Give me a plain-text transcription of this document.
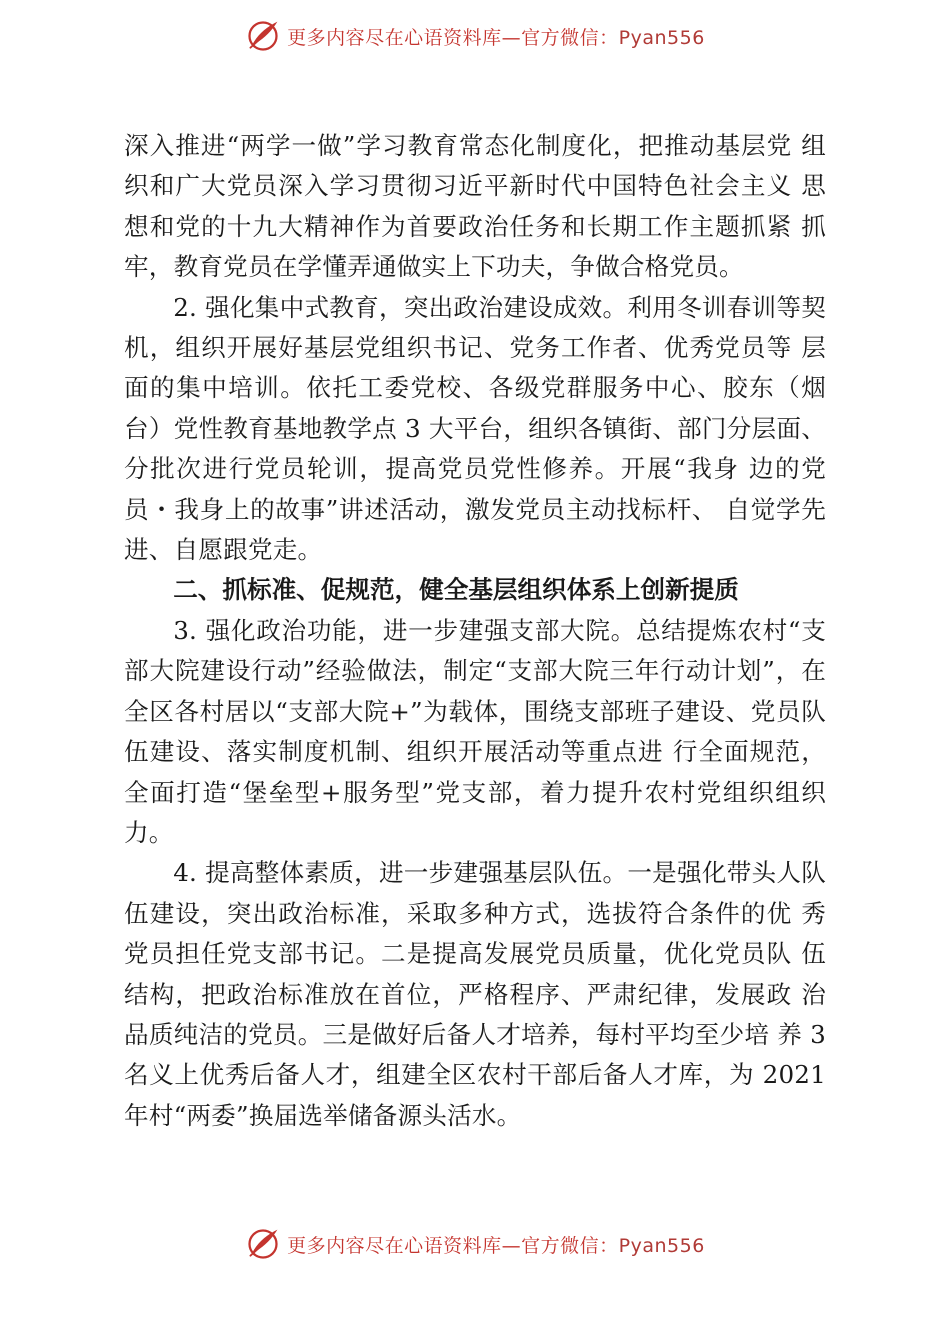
更多内容尽在心语资料库—官方微信：Pyan556

深入推进“两学一做”学习教育常态化制度化，把推动基层党 组织和广大党员深入学习贯彻习近平新时代中国特色社会主义 思想和党的十九大精神作为首要政治任务和长期工作主题抓紧 抓牢，教育党员在学懂弄通做实上下功夫，争做合格党员。

2. 强化集中式教育，突出政治建设成效。利用冬训春训等契机，组织开展好基层党组织书记、党务工作者、优秀党员等 层面的集中培训。依托工委党校、各级党群服务中心、胶东（烟台）党性教育基地教学点 3 大平台，组织各镇街、部门分层面、分批次进行党员轮训，提高党员党性修养。开展“我身 边的党员・我身上的故事”讲述活动，激发党员主动找标杆、 自觉学先进、自愿跟党走。

二、抓标准、促规范，健全基层组织体系上创新提质

3. 强化政治功能，进一步建强支部大院。总结提炼农村“支部大院建设行动”经验做法，制定“支部大院三年行动计划”，在全区各村居以“支部大院+”为载体，围绕支部班子建设、党员队伍建设、落实制度机制、组织开展活动等重点进 行全面规范，全面打造“堡垒型+服务型”党支部，着力提升农村党组织组织力。

4. 提高整体素质，进一步建强基层队伍。一是强化带头人队伍建设，突出政治标准，采取多种方式，选拔符合条件的优 秀党员担任党支部书记。二是提高发展党员质量，优化党员队 伍结构，把政治标准放在首位，严格程序、严肃纪律，发展政 治品质纯洁的党员。三是做好后备人才培养，每村平均至少培 养 3 名义上优秀后备人才，组建全区农村干部后备人才库，为 2021 年村“两委”换届选举储备源头活水。

更多内容尽在心语资料库—官方微信：Pyan556
